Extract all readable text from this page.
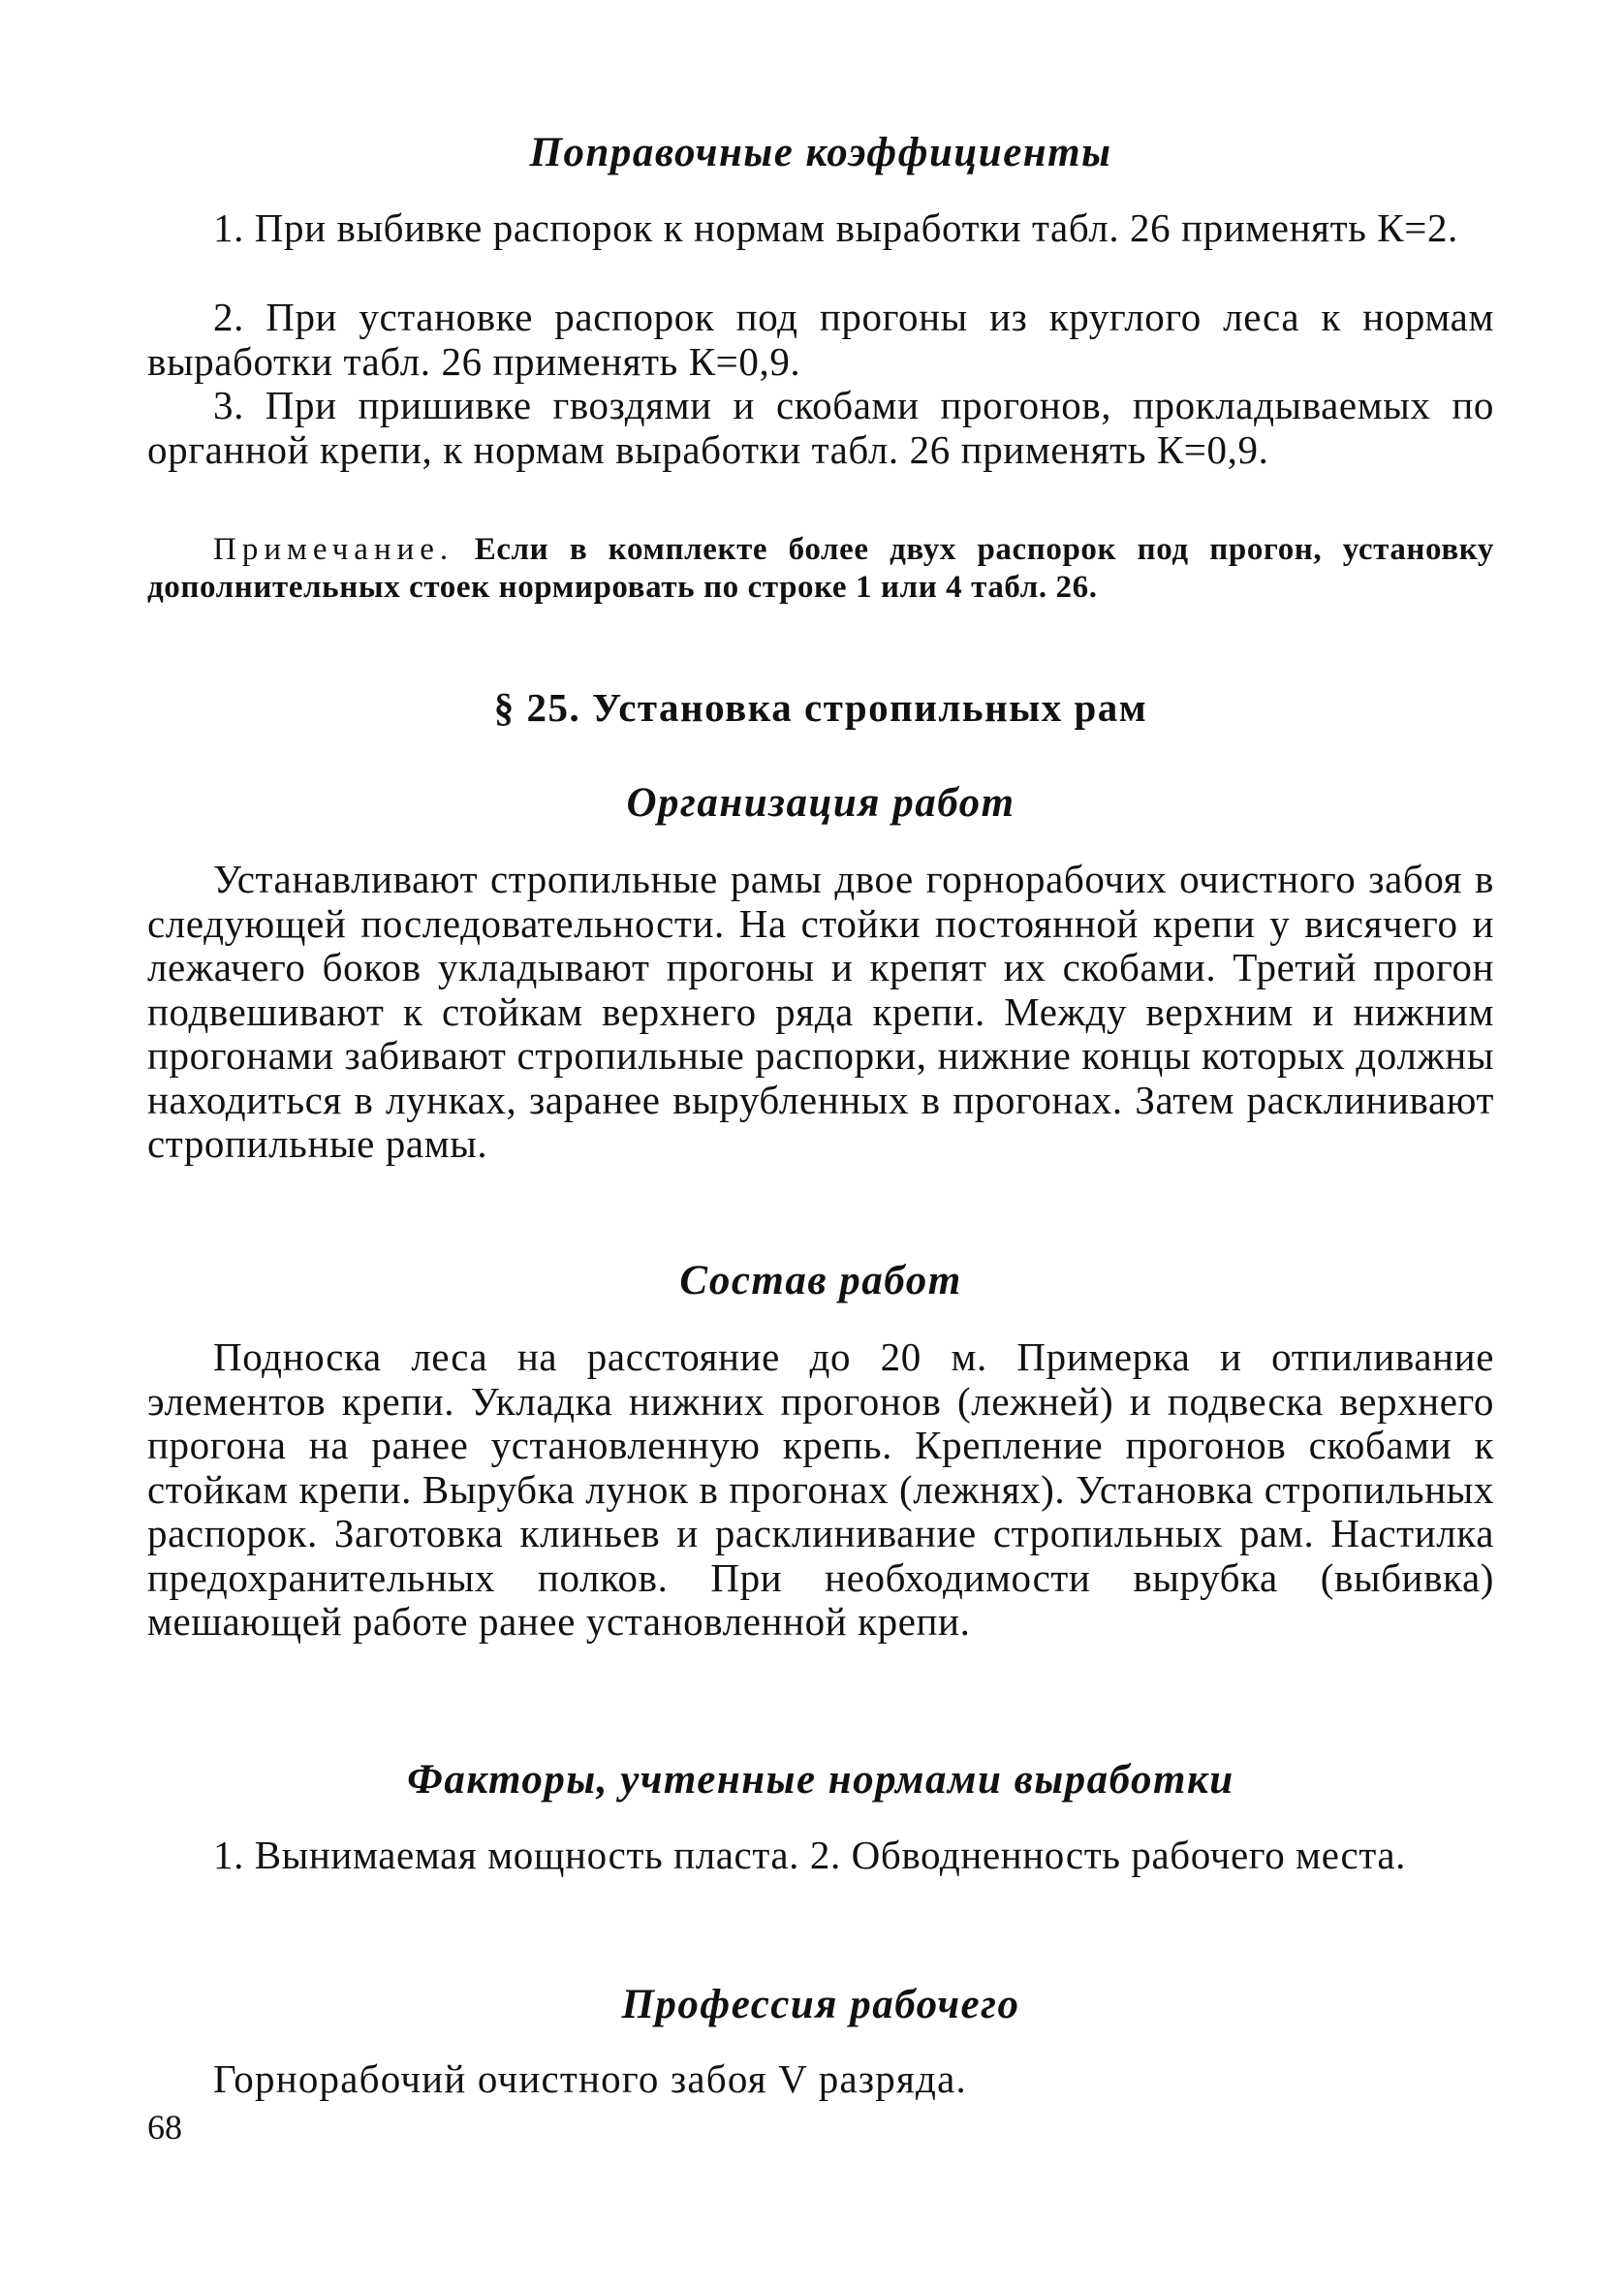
Поправочные коэффициенты

1. При выбивке распорок к нормам выработки табл. 26 применять К=2.

2. При установке распорок под прогоны из круглого леса к нормам выработки табл. 26 применять К=0,9.

3. При пришивке гвоздями и скобами прогонов, прокладываемых по органной крепи, к нормам выработки табл. 26 применять К=0,9.

Примечание. Если в комплекте более двух распорок под прогон, установку дополнительных стоек нормировать по строке 1 или 4 табл. 26.

§ 25. Установка стропильных рам
Организация работ

Устанавливают стропильные рамы двое горнорабочих очистного забоя в следующей последовательности. На стойки постоянной крепи у висячего и лежачего боков укладывают прогоны и крепят их скобами. Третий прогон подвешивают к стойкам верхнего ряда крепи. Между верхним и нижним прогонами забивают стропильные распорки, нижние концы которых должны находиться в лунках, заранее вырубленных в прогонах. Затем расклинивают стропильные рамы.

Состав работ

Подноска леса на расстояние до 20 м. Примерка и отпиливание элементов крепи. Укладка нижних прогонов (лежней) и подвеска верхнего прогона на ранее установленную крепь. Крепление прогонов скобами к стойкам крепи. Вырубка лунок в прогонах (лежнях). Установка стропильных распорок. Заготовка клиньев и расклинивание стропильных рам. Настилка предохранительных полков. При необходимости вырубка (выбивка) мешающей работе ранее установленной крепи.

Факторы, учтенные нормами выработки

1. Вынимаемая мощность пласта. 2. Обводненность рабочего места.

Профессия рабочего

Горнорабочий очистного забоя V разряда.

68
